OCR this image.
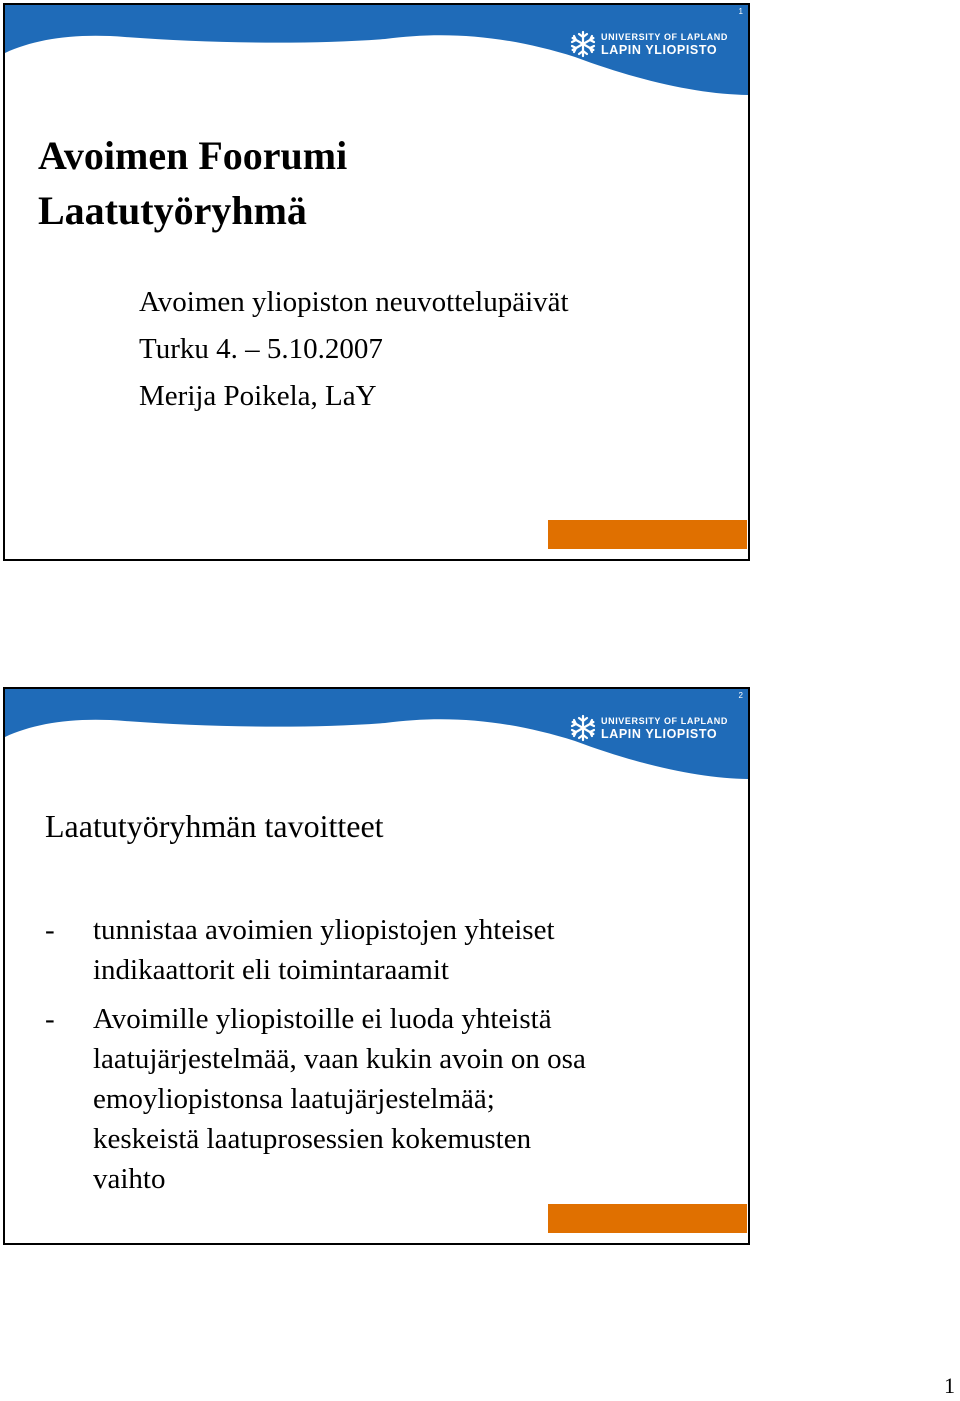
1
UNIVERSITY OF LAPLAND
LAPIN YLIOPISTO
Avoimen Foorumi
Laatutyöryhmä
Avoimen yliopiston neuvottelupäivät
Turku 4. – 5.10.2007
Merija Poikela, LaY
2
UNIVERSITY OF LAPLAND
LAPIN YLIOPISTO
Laatutyöryhmän tavoitteet
- tunnistaa avoimien yliopistojen yhteiset
indikaattorit eli toimintaraamit
- Avoimille yliopistoille ei luoda yhteistä
laatujärjestelmää, vaan kukin avoin on osa
emoyliopistonsa laatujärjestelmää;
keskeistä laatuprosessien kokemusten
vaihto
1
